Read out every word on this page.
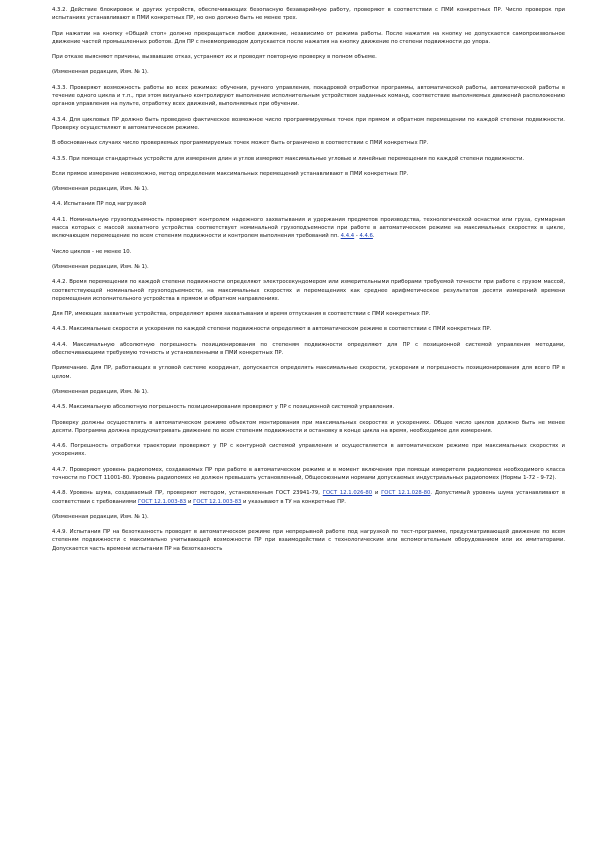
4.3.2. Действие блокировок и других устройств, обеспечивающих безопасную безаварийную работу, проверяют в соответствии с ПМИ конкретных ПР. Число проверок при испытаниях устанавливают в ПМИ конкретных ПР, но оно должно быть не менее трех.

При нажатии на кнопку «Общий стоп» должно прекращаться любое движение, независимо от режима работы. После нажатия на кнопку не допускается самопроизвольное движение частей промышленных роботов. Для ПР с пневмоприводом допускается после нажатия на кнопку движение по степени подвижности до упора.

При отказе выясняют причины, вызвавшие отказ, устраняют их и проводят повторную проверку в полном объеме.

(Измененная редакция, Изм. № 1).

4.3.3. Проверяют возможность работы во всех режимах: обучения, ручного управления, покадровой отработки программы, автоматической работы, автоматической работы в течение одного цикла и т.п., при этом визуально контролируют выполнение исполнительным устройством заданных команд, соответствие выполняемых движений расположению органов управления на пульте, отработку всех движений, выполняемых при обучении.

4.3.4. Для цикловых ПР должно быть проведено фактическое возможное число программируемых точек при прямом и обратном перемещении по каждой степени подвижности. Проверку осуществляют в автоматическом режиме.

В обоснованных случаях число проверяемых программируемых точек может быть ограничено в соответствии с ПМИ конкретных ПР.

4.3.5. При помощи стандартных устройств для измерения длин и углов измеряют максимальные угловые и линейные перемещения по каждой степени подвижности.

Если прямое измерение невозможно, метод определения максимальных перемещений устанавливают в ПМИ конкретных ПР.

(Измененная редакция, Изм. № 1).

4.4. Испытания ПР под нагрузкой

4.4.1. Номинальную грузоподъемность проверяют контролем надежного захватывания и удержания предметов производства, технологической оснастки или груза, суммарная масса которых с массой захватного устройства соответствует номинальной грузоподъемности при работе в автоматическом режиме на максимальных скоростях в цикле, включающем перемещение по всем степеням подвижности и контролем выполнения требований пп. 4.4.4 - 4.4.6.

Число циклов - не менее 10.

(Измененная редакция, Изм. № 1).

4.4.2. Время перемещения по каждой степени подвижности определяют электросекундомером или измерительными приборами требуемой точности при работе с грузом массой, соответствующей номинальной грузоподъемности, на максимальных скоростях и перемещениях как среднее арифметическое результатов десяти измерений времени перемещения исполнительного устройства в прямом и обратном направлениях.

Для ПР, имеющих захватные устройства, определяют время захватывания и время отпускания в соответствии с ПМИ конкретных ПР.

4.4.3. Максимальные скорости и ускорения по каждой степени подвижности определяют в автоматическом режиме в соответствии с ПМИ конкретных ПР.

4.4.4. Максимальную абсолютную погрешность позиционирования по степеням подвижности определяют для ПР с позиционной системой управления методами, обеспечивающими требуемую точность и установленными в ПМИ конкретных ПР.

Примечание. Для ПР, работающих в угловой системе координат, допускается определять максимальные скорости, ускорения и погрешность позиционирования для всего ПР в целом.

(Измененная редакция, Изм. № 1).

4.4.5. Максимальную абсолютную погрешность позиционирования проверяют у ПР с позиционной системой управления.

Проверку должны осуществлять в автоматическом режиме объектом монтирования при максимальных скоростях и ускорениях. Общее число циклов должно быть не менее десяти. Программа должна предусматривать движение по всем степеням подвижности и остановку в конце цикла на время, необходимое для измерения.

4.4.6. Погрешность отработки траектории проверяют у ПР с контурной системой управления и осуществляется в автоматическом режиме при максимальных скоростях и ускорениях.

4.4.7. Проверяют уровень радиопомех, создаваемых ПР при работе в автоматическом режиме и в момент включения при помощи измерителя радиопомех необходимого класса точности по ГОСТ 11001-80. Уровень радиопомех не должен превышать установленный, Общесоюзными нормами допускаемых индустриальных радиопомех (Нормы 1-72 - 9-72).

4.4.8. Уровень шума, создаваемый ПР, проверяют методом, установленным ГОСТ 23941-79, ГОСТ 12.1.026-80 и ГОСТ 12.1.028-80. Допустимый уровень шума устанавливают в соответствии с требованиями ГОСТ 12.1.003-83 и ГОСТ 12.1.003-83 и указывают в ТУ на конкретные ПР.

(Измененная редакция, Изм. № 1).

4.4.9. Испытания ПР на безотказность проводят в автоматическом режиме при непрерывной работе под нагрузкой по тест-программе, предусматривающей движение по всем степеням подвижности с максимально учитывающей возможности ПР при взаимодействии с технологическим или вспомогательным оборудованием или их имитаторами. Допускается часть времени испытания ПР на безотказность
